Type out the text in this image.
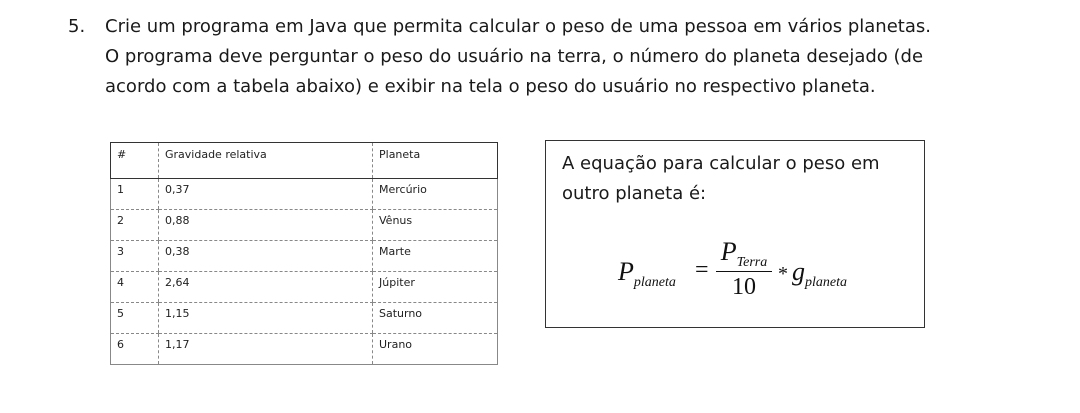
5.	Crie um programa em Java que permita calcular o peso de uma pessoa em vários planetas.
O programa deve perguntar o peso do usuário na terra, o número do planeta desejado (de
acordo com a tabela abaixo) e exibir na tela o peso do usuário no respectivo planeta.
#	Gravidade relativa	Planeta
1	0,37	Mercúrio
2	0,88	Vênus
3	0,38	Marte
4	2,64	Júpiter
5	1,15	Saturno
6	1,17	Urano
A equação para calcular o peso em
outro planeta é:
$P_{planeta}$ =
$P_{Terra}$
10	* $g_{planeta}$
